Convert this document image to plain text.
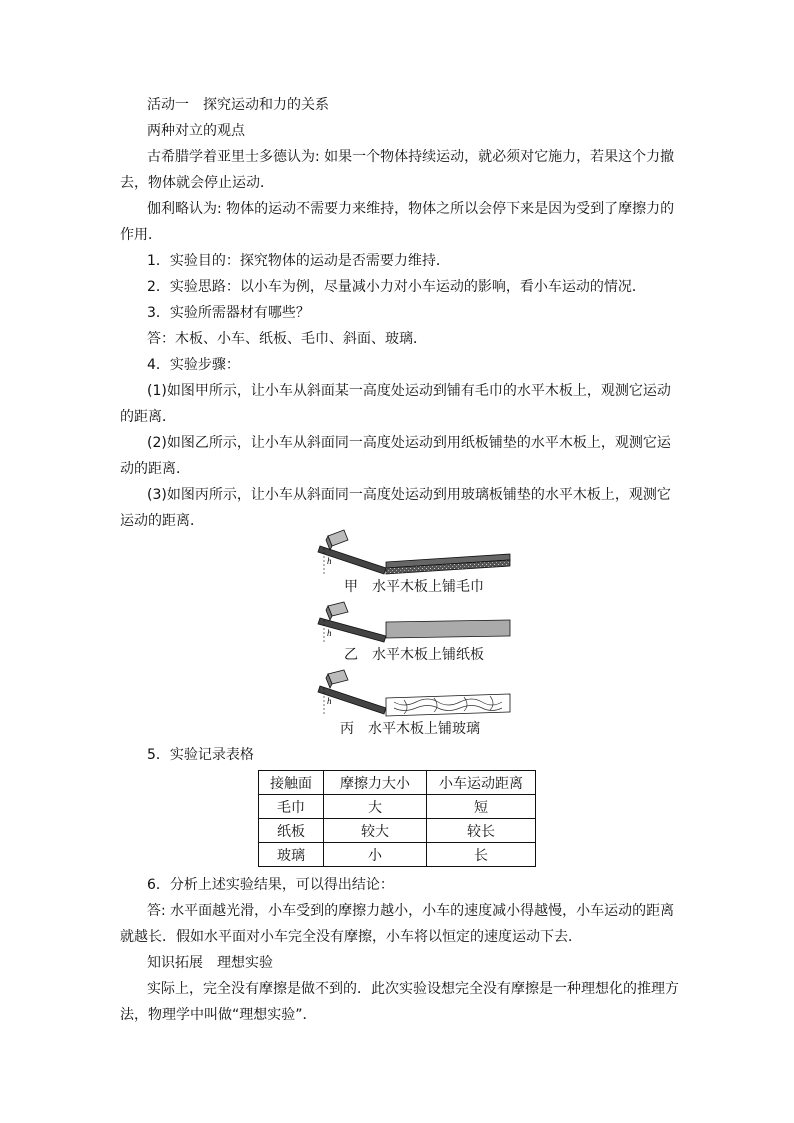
活动一　探究运动和力的关系
两种对立的观点
古希腊学着亚里士多德认为: 如果一个物体持续运动，就必须对它施力，若果这个力撤
去，物体就会停止运动．
伽利略认为: 物体的运动不需要力来维持，物体之所以会停下来是因为受到了摩擦力的
作用．
1．实验目的：探究物体的运动是否需要力维持．
2．实验思路：以小车为例，尽量减小力对小车运动的影响，看小车运动的情况．
3．实验所需器材有哪些？
答：木板、小车、纸板、毛巾、斜面、玻璃．
4．实验步骤：
(1)如图甲所示，让小车从斜面某一高度处运动到铺有毛巾的水平木板上，观测它运动
的距离．
(2)如图乙所示，让小车从斜面同一高度处运动到用纸板铺垫的水平木板上，观测它运
动的距离．
(3)如图丙所示，让小车从斜面同一高度处运动到用玻璃板铺垫的水平木板上，观测它
运动的距离．
h
甲　水平木板上铺毛巾
h
乙　水平木板上铺纸板
h
丙　水平木板上铺玻璃
5．实验记录表格
接触面	摩擦力大小	小车运动距离
毛巾	大	短
纸板	较大	较长
玻璃	小	长
6．分析上述实验结果，可以得出结论：
答: 水平面越光滑，小车受到的摩擦力越小，小车的速度减小得越慢，小车运动的距离
就越长．假如水平面对小车完全没有摩擦，小车将以恒定的速度运动下去．
知识拓展　理想实验
实际上，完全没有摩擦是做不到的．此次实验设想完全没有摩擦是一种理想化的推理方
法，物理学中叫做“理想实验”．
